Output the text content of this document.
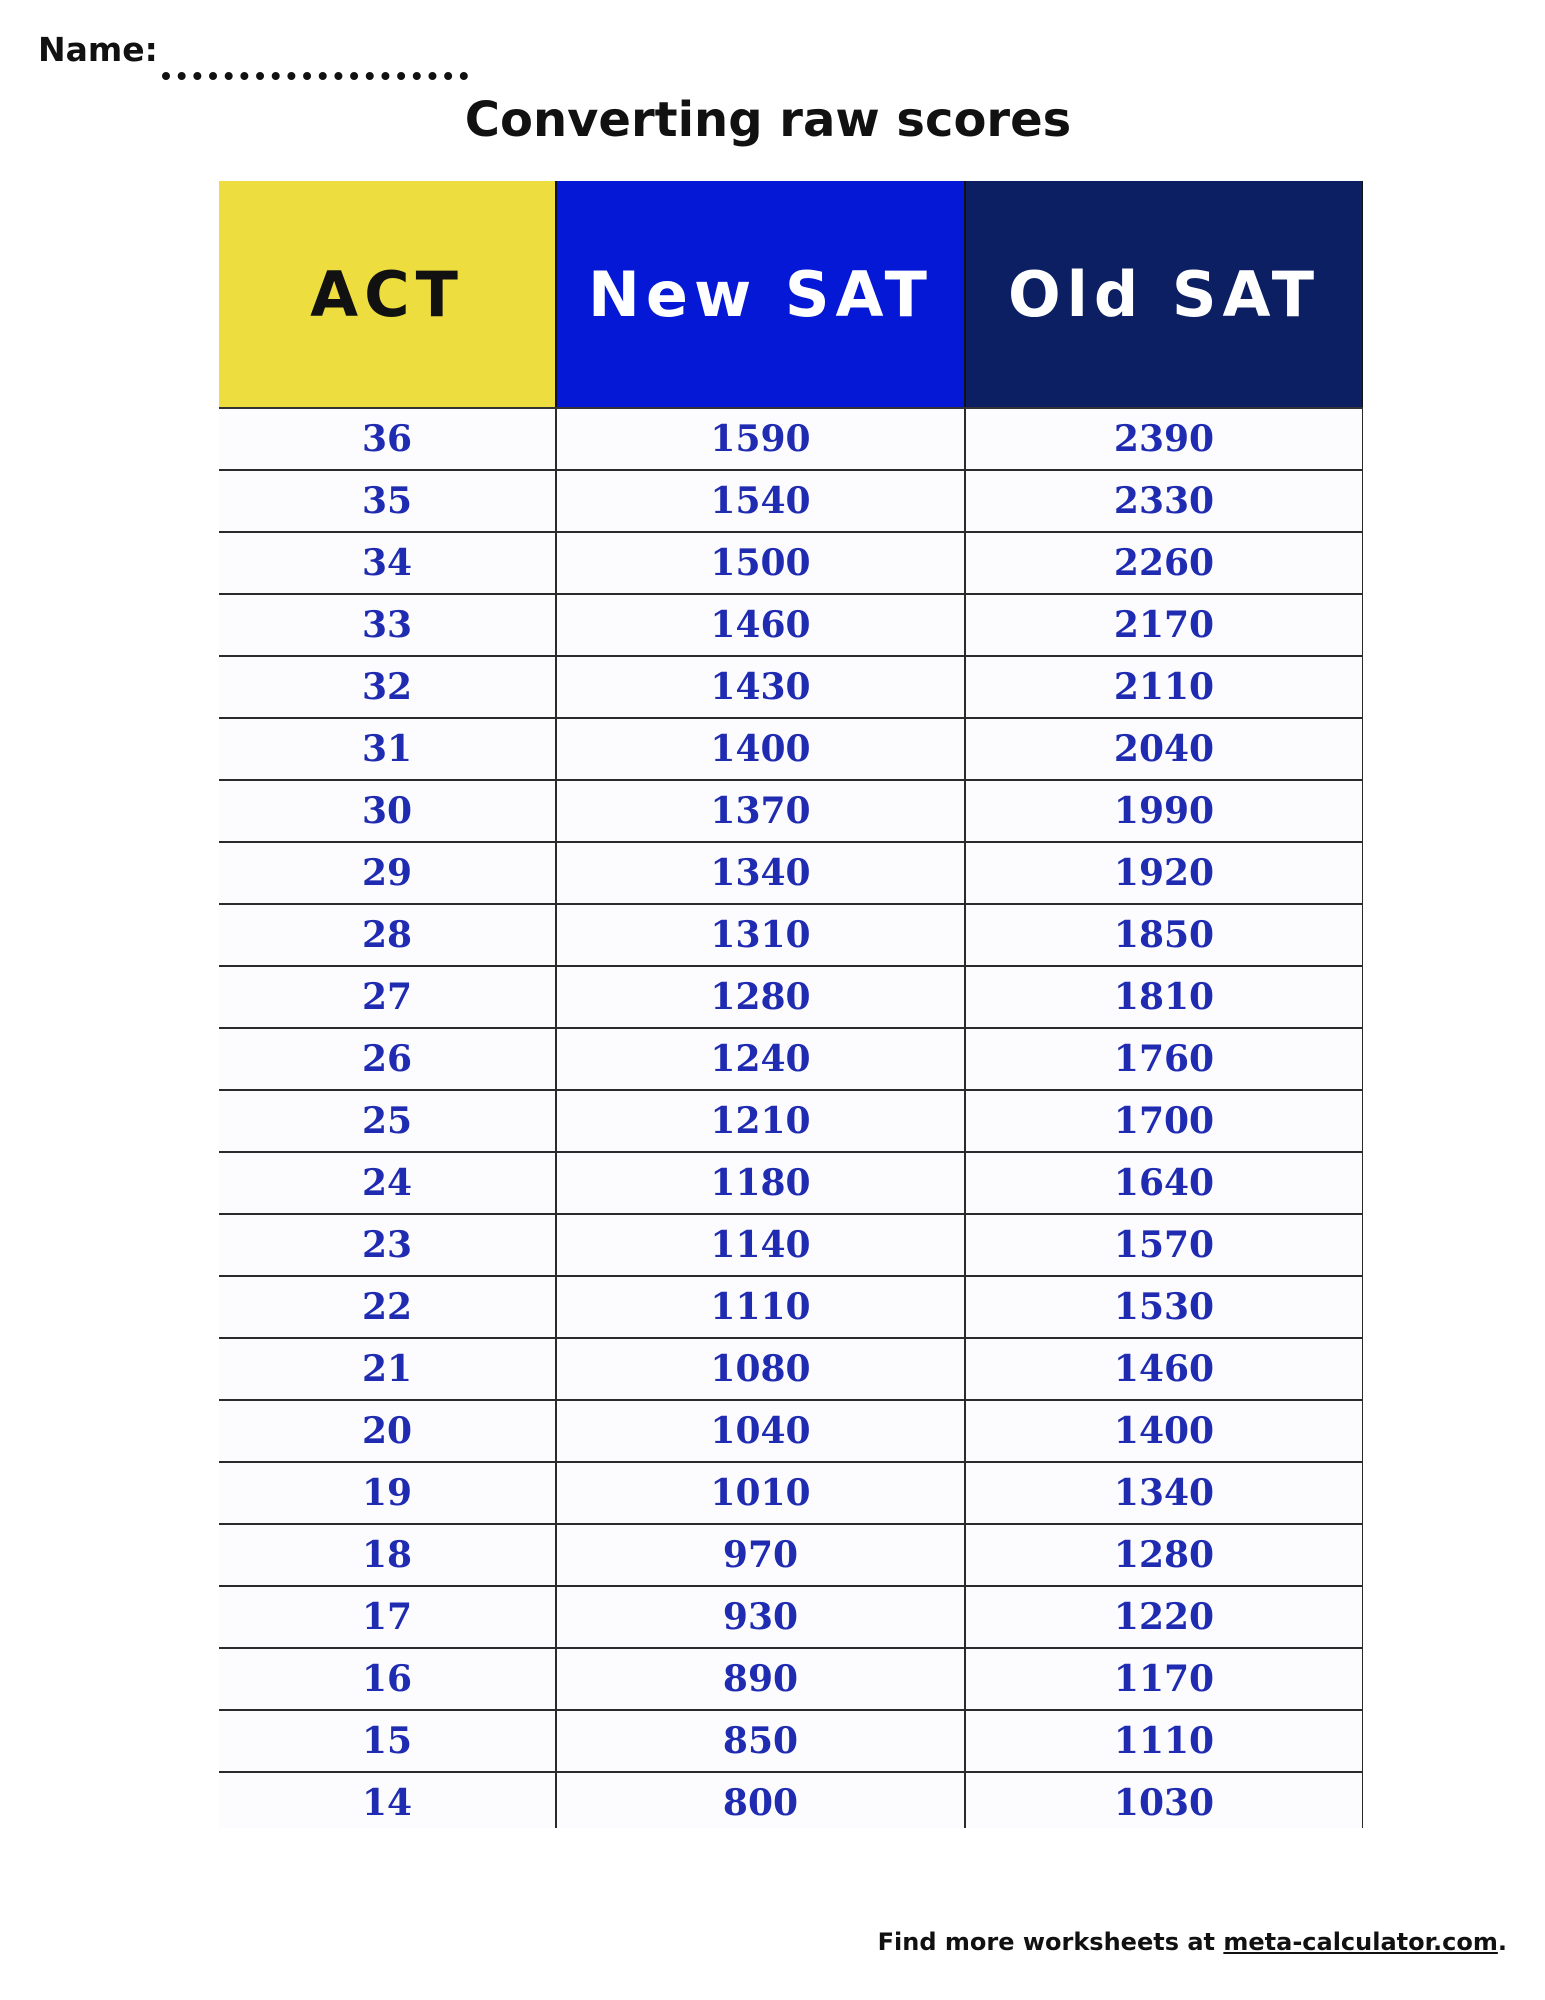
Name:
Converting raw scores
ACT	New SAT	Old SAT
36	1590	2390
35	1540	2330
34	1500	2260
33	1460	2170
32	1430	2110
31	1400	2040
30	1370	1990
29	1340	1920
28	1310	1850
27	1280	1810
26	1240	1760
25	1210	1700
24	1180	1640
23	1140	1570
22	1110	1530
21	1080	1460
20	1040	1400
19	1010	1340
18	970	1280
17	930	1220
16	890	1170
15	850	1110
14	800	1030
Find more worksheets at meta-calculator.com.
